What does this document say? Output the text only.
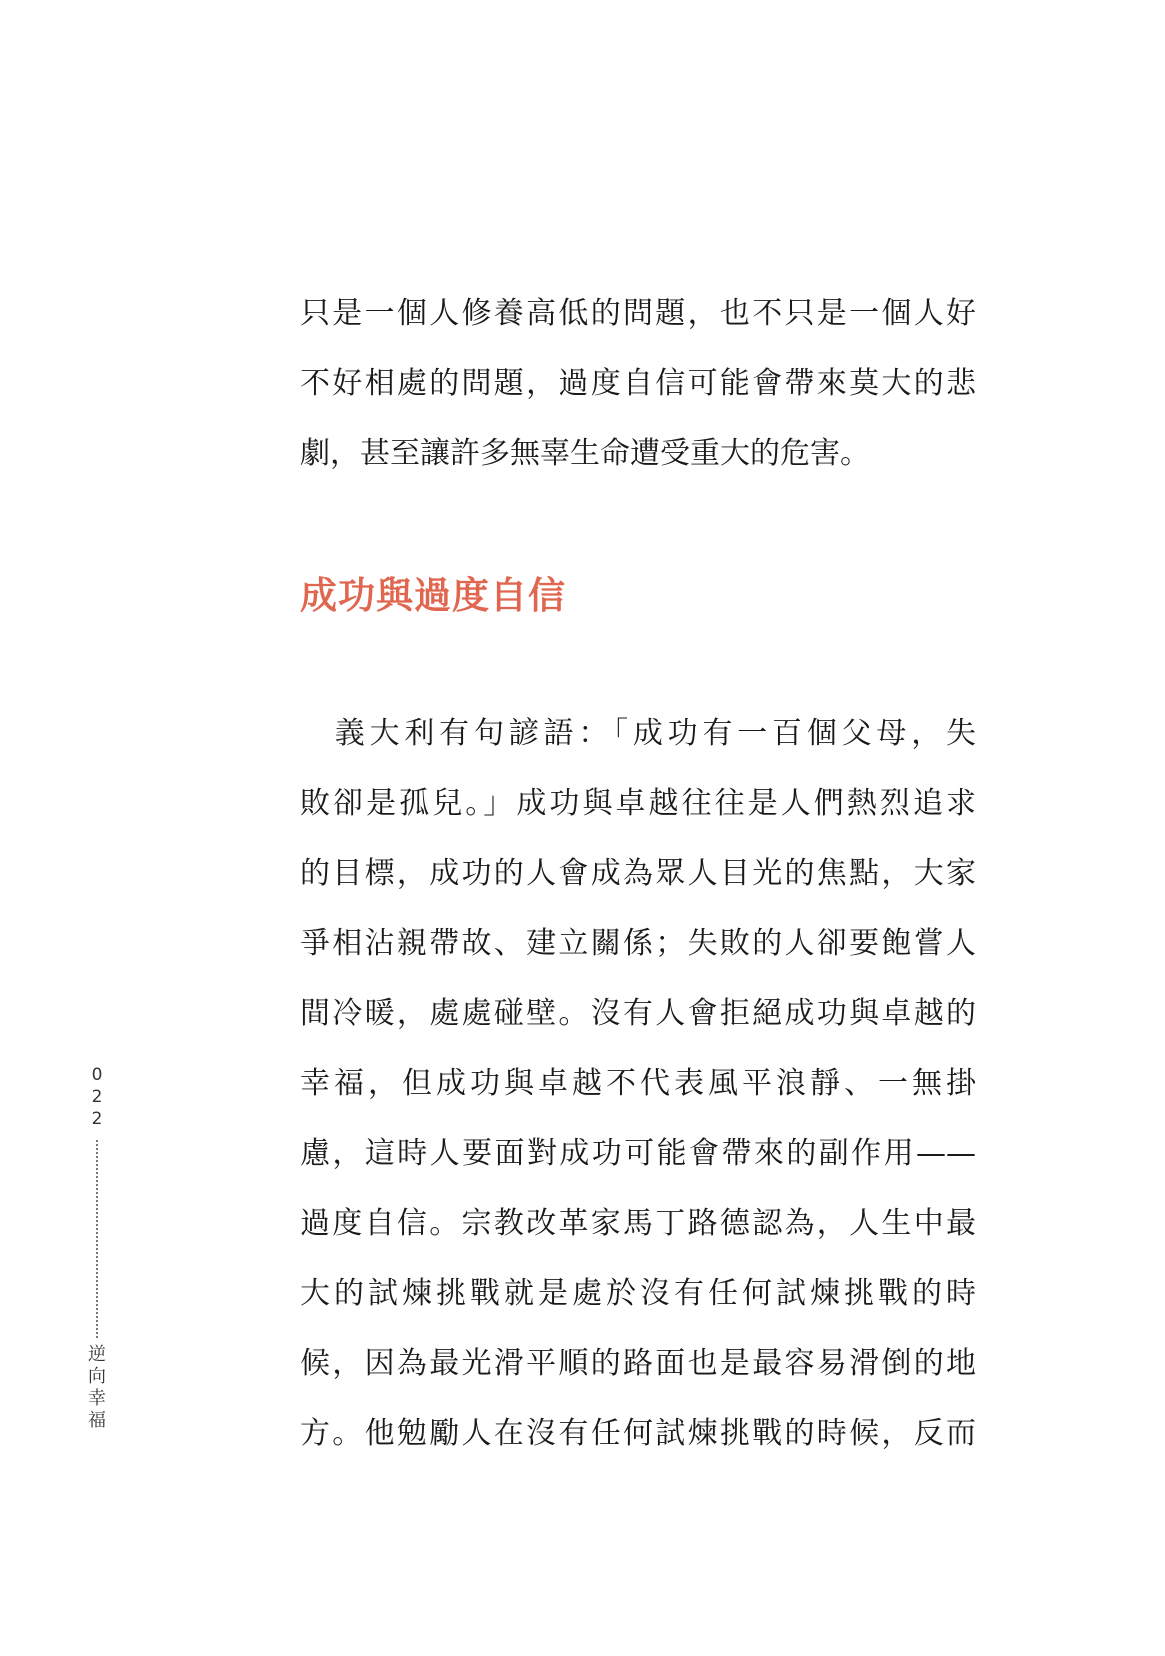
只是一個人修養高低的問題，也不只是一個人好
不好相處的問題，過度自信可能會帶來莫大的悲
劇，甚至讓許多無辜生命遭受重大的危害。
成功與過度自信
　義大利有句諺語：「成功有一百個父母，失
敗卻是孤兒。」成功與卓越往往是人們熱烈追求
的目標，成功的人會成為眾人目光的焦點，大家
爭相沾親帶故、建立關係；失敗的人卻要飽嘗人
間冷暖，處處碰壁。沒有人會拒絕成功與卓越的
幸福，但成功與卓越不代表風平浪靜、一無掛
慮，這時人要面對成功可能會帶來的副作用——
過度自信。宗教改革家馬丁路德認為，人生中最
大的試煉挑戰就是處於沒有任何試煉挑戰的時
候，因為最光滑平順的路面也是最容易滑倒的地
方。他勉勵人在沒有任何試煉挑戰的時候，反而
0
2
2
逆
向
幸
福
